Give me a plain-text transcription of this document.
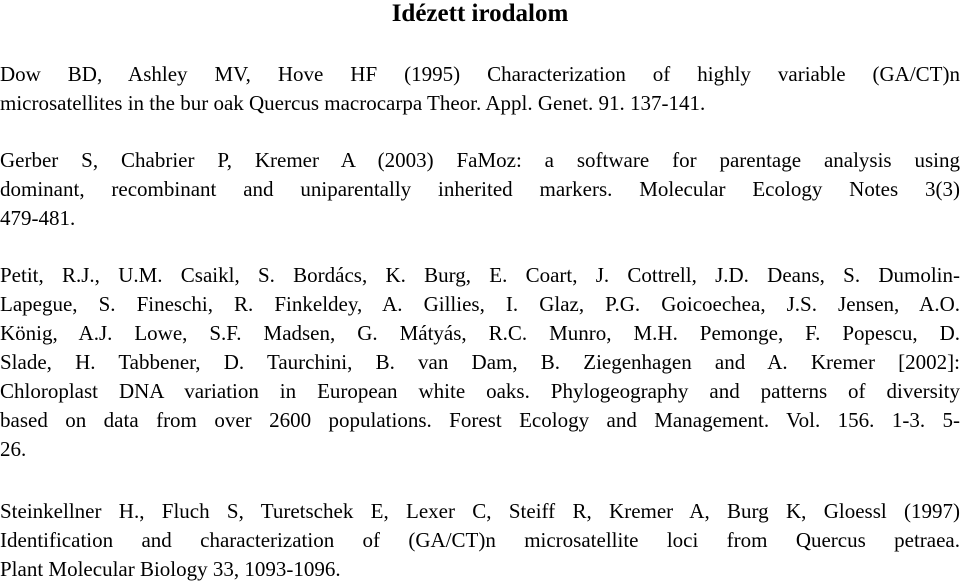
Idézett irodalom
Dow BD, Ashley MV, Hove HF (1995) Characterization of highly variable (GA/CT)n
microsatellites in the bur oak Quercus macrocarpa Theor. Appl. Genet. 91. 137-141.
Gerber S, Chabrier P, Kremer A (2003) FaMoz: a software for parentage analysis using
dominant, recombinant and uniparentally inherited markers. Molecular Ecology Notes 3(3)
479-481.
Petit, R.J., U.M. Csaikl, S. Bordács, K. Burg, E. Coart, J. Cottrell, J.D. Deans, S. Dumolin-
Lapegue, S. Fineschi, R. Finkeldey, A. Gillies, I. Glaz, P.G. Goicoechea, J.S. Jensen, A.O.
König, A.J. Lowe, S.F. Madsen, G. Mátyás, R.C. Munro, M.H. Pemonge, F. Popescu, D.
Slade, H. Tabbener, D. Taurchini, B. van Dam, B. Ziegenhagen and A. Kremer [2002]:
Chloroplast DNA variation in European white oaks. Phylogeography and patterns of diversity
based on data from over 2600 populations. Forest Ecology and Management. Vol. 156. 1-3. 5-
26.
Steinkellner H., Fluch S, Turetschek E, Lexer C, Steiff R, Kremer A, Burg K, Gloessl (1997)
Identification and characterization of (GA/CT)n microsatellite loci from Quercus petraea.
Plant Molecular Biology 33, 1093-1096.
